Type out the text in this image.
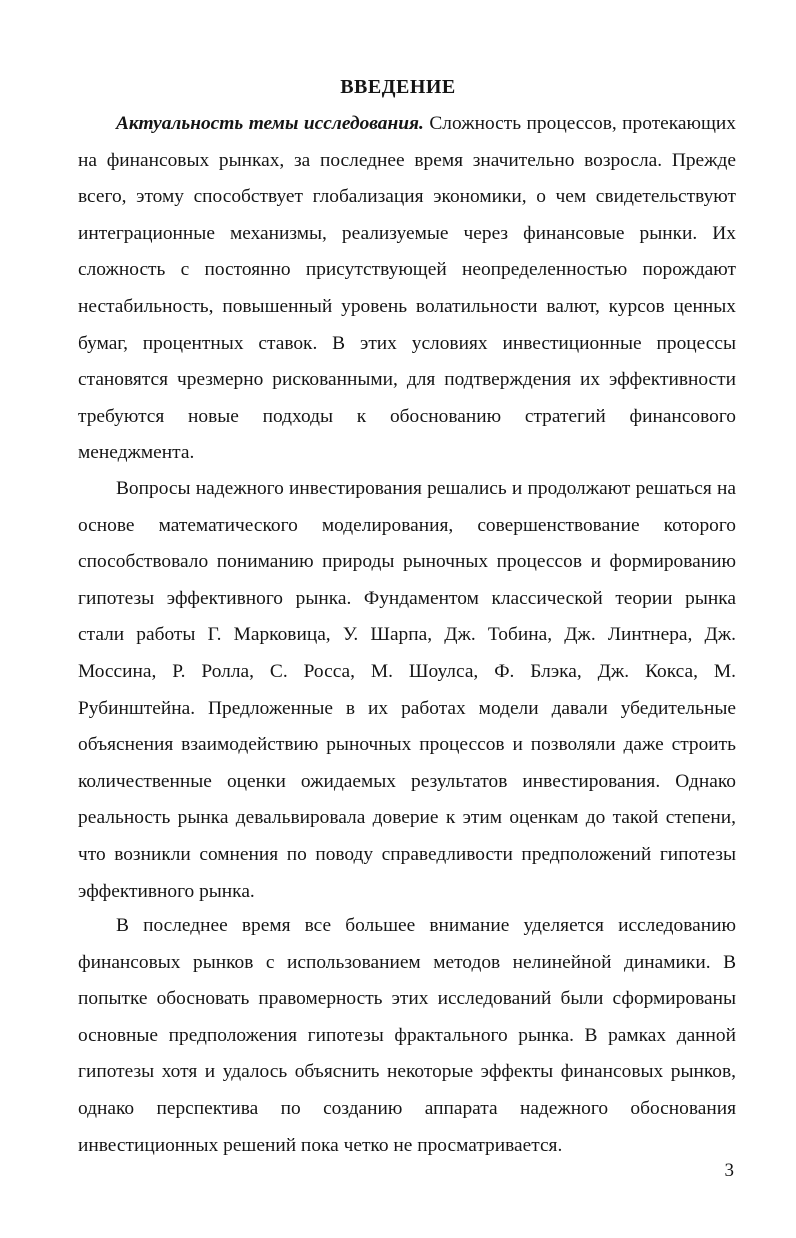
ВВЕДЕНИЕ

Актуальность темы исследования. Сложность процессов, протекающих на финансовых рынках, за последнее время значительно возросла. Прежде всего, этому способствует глобализация экономики, о чем свидетельствуют интеграционные механизмы, реализуемые через финансовые рынки. Их сложность с постоянно присутствующей неопределенностью порождают нестабильность, повышенный уровень волатильности валют, курсов ценных бумаг, процентных ставок. В этих условиях инвестиционные процессы становятся чрезмерно рискованными, для подтверждения их эффективности требуются новые подходы к обоснованию стратегий финансового менеджмента.

Вопросы надежного инвестирования решались и продолжают решаться на основе математического моделирования, совершенствование которого способствовало пониманию природы рыночных процессов и формированию гипотезы эффективного рынка. Фундаментом классической теории рынка стали работы Г. Марковица, У. Шарпа, Дж. Тобина, Дж. Линтнера, Дж. Моссина, Р. Ролла, С. Росса, М. Шоулса, Ф. Блэка, Дж. Кокса, М. Рубинштейна. Предложенные в их работах модели давали убедительные объяснения взаимодействию рыночных процессов и позволяли даже строить количественные оценки ожидаемых результатов инвестирования. Однако реальность рынка девальвировала доверие к этим оценкам до такой степени, что возникли сомнения по поводу справедливости предположений гипотезы эффективного рынка.

В последнее время все большее внимание уделяется исследованию финансовых рынков с использованием методов нелинейной динамики. В попытке обосновать правомерность этих исследований были сформированы основные предположения гипотезы фрактального рынка. В рамках данной гипотезы хотя и удалось объяснить некоторые эффекты финансовых рынков, однако перспектива по созданию аппарата надежного обоснования инвестиционных решений пока четко не просматривается.

3
